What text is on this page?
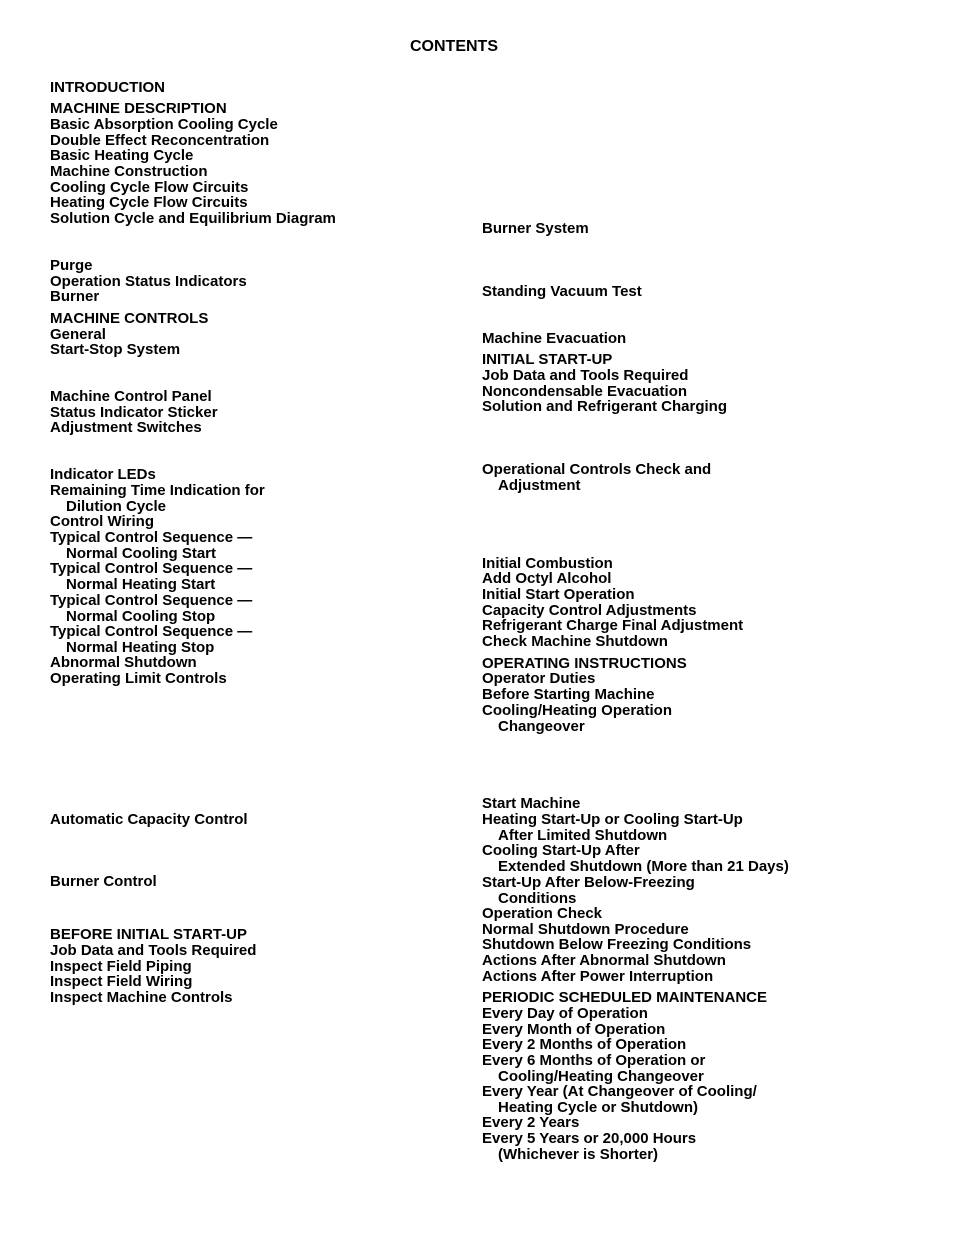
CONTENTS
INTRODUCTION
MACHINE DESCRIPTION
Basic Absorption Cooling Cycle
Double Effect Reconcentration
Basic Heating Cycle
Machine Construction
Cooling Cycle Flow Circuits
Heating Cycle Flow Circuits
Solution Cycle and Equilibrium Diagram
Purge
Operation Status Indicators
Burner
MACHINE CONTROLS
General
Start-Stop System
Machine Control Panel
Status Indicator Sticker
Adjustment Switches
Indicator LEDs
Remaining Time Indication for
Dilution Cycle
Control Wiring
Typical Control Sequence —
Normal Cooling Start
Typical Control Sequence —
Normal Heating Start
Typical Control Sequence —
Normal Cooling Stop
Typical Control Sequence —
Normal Heating Stop
Abnormal Shutdown
Operating Limit Controls
Automatic Capacity Control
Burner Control
BEFORE INITIAL START-UP
Job Data and Tools Required
Inspect Field Piping
Inspect Field Wiring
Inspect Machine Controls
Burner System
Standing Vacuum Test
Machine Evacuation
INITIAL START-UP
Job Data and Tools Required
Noncondensable Evacuation
Solution and Refrigerant Charging
Operational Controls Check and
Adjustment
Initial Combustion
Add Octyl Alcohol
Initial Start Operation
Capacity Control Adjustments
Refrigerant Charge Final Adjustment
Check Machine Shutdown
OPERATING INSTRUCTIONS
Operator Duties
Before Starting Machine
Cooling/Heating Operation
Changeover
Start Machine
Heating Start-Up or Cooling Start-Up
After Limited Shutdown
Cooling Start-Up After
Extended Shutdown (More than 21 Days)
Start-Up After Below-Freezing
Conditions
Operation Check
Normal Shutdown Procedure
Shutdown Below Freezing Conditions
Actions After Abnormal Shutdown
Actions After Power Interruption
PERIODIC SCHEDULED MAINTENANCE
Every Day of Operation
Every Month of Operation
Every 2 Months of Operation
Every 6 Months of Operation or
Cooling/Heating Changeover
Every Year (At Changeover of Cooling/
Heating Cycle or Shutdown)
Every 2 Years
Every 5 Years or 20,000 Hours
(Whichever is Shorter)
